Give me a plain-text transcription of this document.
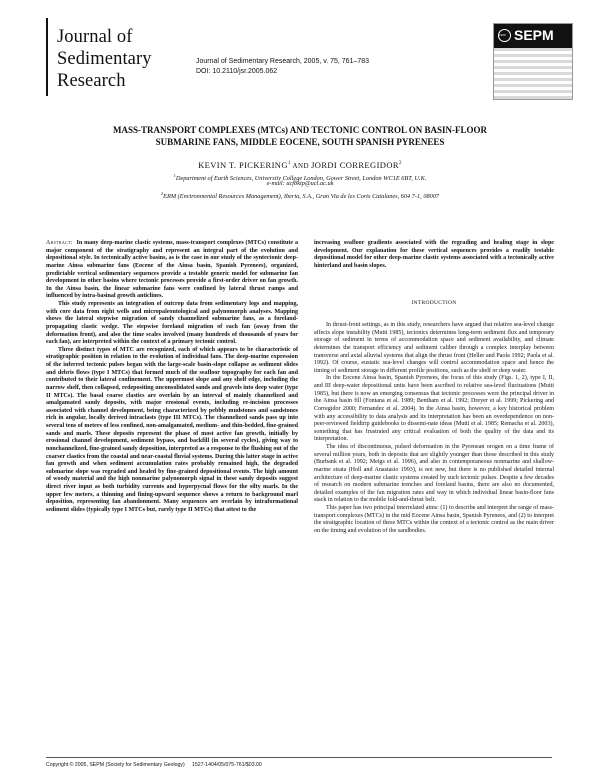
Journal of
Sedimentary
Research
Journal of Sedimentary Research, 2005, v. 75, 761–783
DOI: 10.2110/jsr.2005.062
1926 SEPM
MASS-TRANSPORT COMPLEXES (MTCs) AND TECTONIC CONTROL ON BASIN-FLOOR
SUBMARINE FANS, MIDDLE EOCENE, SOUTH SPANISH PYRENEES
KEVIN T. PICKERING$^1$ AND JORDI CORREGIDOR$^2$
$^1$Department of Earth Sciences, University College London, Gower Street, London WC1E 6BT, U.K.
e-mail: ucfbktp@ucl.ac.uk
$^2$ERM (Environmental Resources Management), Iberia, S.A., Gran Via de les Corts Catalanes, 604 7-1, 08007

Abstract: In many deep-marine clastic systems, mass-transport complexes (MTCs) constitute a major component of the stratigraphy and represent an integral part of the evolution and depositional style. In tectonically active basins, as is the case in our study of the syntectonic deep-marine Ainsa submarine fans (Eocene of the Ainsa basin, Spanish Pyrenees), organized, predictable vertical sedimentary sequences provide a testable generic model for submarine fan development in other basins where tectonic processes provide a first-order driver on fan growth. In the Ainsa basin, the linear submarine fans were confined by lateral thrust ramps and influenced by intra-basinal growth anticlines.

This study represents an integration of outcrop data from sedimentary logs and mapping, with core data from eight wells and micropaleontological and palynomorph analyses. Mapping shows the lateral stepwise migration of sandy channelized submarine fans, as a foreland-propagating clastic wedge. The stepwise foreland migration of each fan (away from the deformation front), and also the time scales involved (many hundreds of thousands of years for each fan), are interpreted within the context of a primary tectonic control.

Three distinct types of MTC are recognized, each of which appears to be characteristic of stratigraphic position in relation to the evolution of individual fans. The deep-marine expression of the inferred tectonic pulses began with the large-scale basin-slope collapse as sediment slides and debris flows (type I MTCs) that formed much of the seafloor topography for each fan and contributed to their lateral confinement. The uppermost slope and any shelf edge, including the narrow shelf, then collapsed, redepositing unconsolidated sands and gravels into deep water (type II MTCs). The basal coarse clastics are overlain by an interval of mainly channelized and amalgamated sandy deposits, with major erosional events, including re-incision processes associated with channel development, being characterized by pebbly mudstones and sandstones rich in angular, locally derived intraclasts (type III MTCs). The channelized sands pass up into several tens of meters of less confined, non-amalgamated, medium- and thin-bedded, fine-grained sands and marls. These deposits represent the phase of most active fan growth, initially by erosional channel development, sediment bypass, and backfill (in several cycles), giving way to nonchannelized, fine-grained sandy deposition, interpreted as a response to the flushing out of the coarser clastics from the coastal and near-coastal fluvial systems. During this latter stage in active fan growth and when sediment accumulation rates probably remained high, the degraded submarine slope was regraded and healed by fine-grained depositional events. The high amount of woody material and the high nonmarine palynomorph signal in these sandy deposits suggest direct river input as both turbidity currents and hyperpycnal flows for the silty marls. In the upper few meters, a thinning and fining-upward sequence shows a return to background marl deposition, representing fan abandonment. Many sequences are overlain by intraformational sediment slides (typically type I MTCs but, rarely type II MTCs) that attest to the

increasing seafloor gradients associated with the regrading and healing stage in slope development. Our explanation for these vertical sequences provides a readily testable depositional model for other deep-marine clastic systems associated with a tectonically active hinterland and basin slopes.

INTRODUCTION

In thrust-front settings, as in this study, researchers have argued that relative sea-level change affects slope instability (Mutti 1985), tectonics determines long-term sediment flux and temporary storage of sediment in terms of accommodation space and sediment availability, and climate determines the transport efficiency and sediment caliber through a complex interplay between transverse and axial alluvial systems that align the thrust front (Heller and Paola 1992; Paola et al. 1992). Of course, eustatic sea-level changes will control accommodation space and hence the timing of sediment storage in different profile positions, such as the shelf or deep water.

In the Eocene Ainsa basin, Spanish Pyrenees, the focus of this study (Figs. 1, 2), type I, II, and III deep-water depositional units have been ascribed to relative sea-level fluctuations (Mutti 1985), but there is now an emerging consensus that tectonic processes were the principal driver in the Ainsa basin fill (Fontana et al. 1989; Bentham et al. 1992; Dreyer et al. 1999; Pickering and Corregidor 2000; Fernandez et al. 2004). In the Ainsa basin, however, a key historical problem with any accessibility to data analysis and its interpretation has been an overdependence on non-peer-reviewed fieldtrip guidebooks to dissemi-nate ideas (Mutti et al. 1985; Remacha et al. 2003), something that has frustrated any critical evaluation of both the quality of the data and its interpretation.

The idea of discontinuous, pulsed deformation in the Pyrenean orogen on a time frame of several million years, both in deposits that are slightly younger than those described in this study (Burbank et al. 1992; Meigs et al. 1996), and also in contemporaneous nonmarine and shallow-marine strata (Holl and Anastasio 1993), is not new, but there is no published detailed internal architecture of deep-marine clastic systems created by such tectonic pulses. Despite a few decades of research on modern submarine trenches and foreland basins, there are also no documented, detailed examples of the fan migration rates and way in which individual linear basin-floor fans stack in relation to the mobile fold-and-thrust belt.

This paper has two principal interrelated aims: (1) to describe and interpret the range of mass-transport complexes (MTCs) in the mid Eocene Ainsa basin, Spanish Pyrenees, and (2) to interpret the stratigraphic location of these MTCs within the context of a tectonic control as the main driver on the timing and evolution of the sandbodies.

Copyright © 2005, SEPM (Society for Sedimentary Geology) 1527-1404/05/075-761/$03.00
